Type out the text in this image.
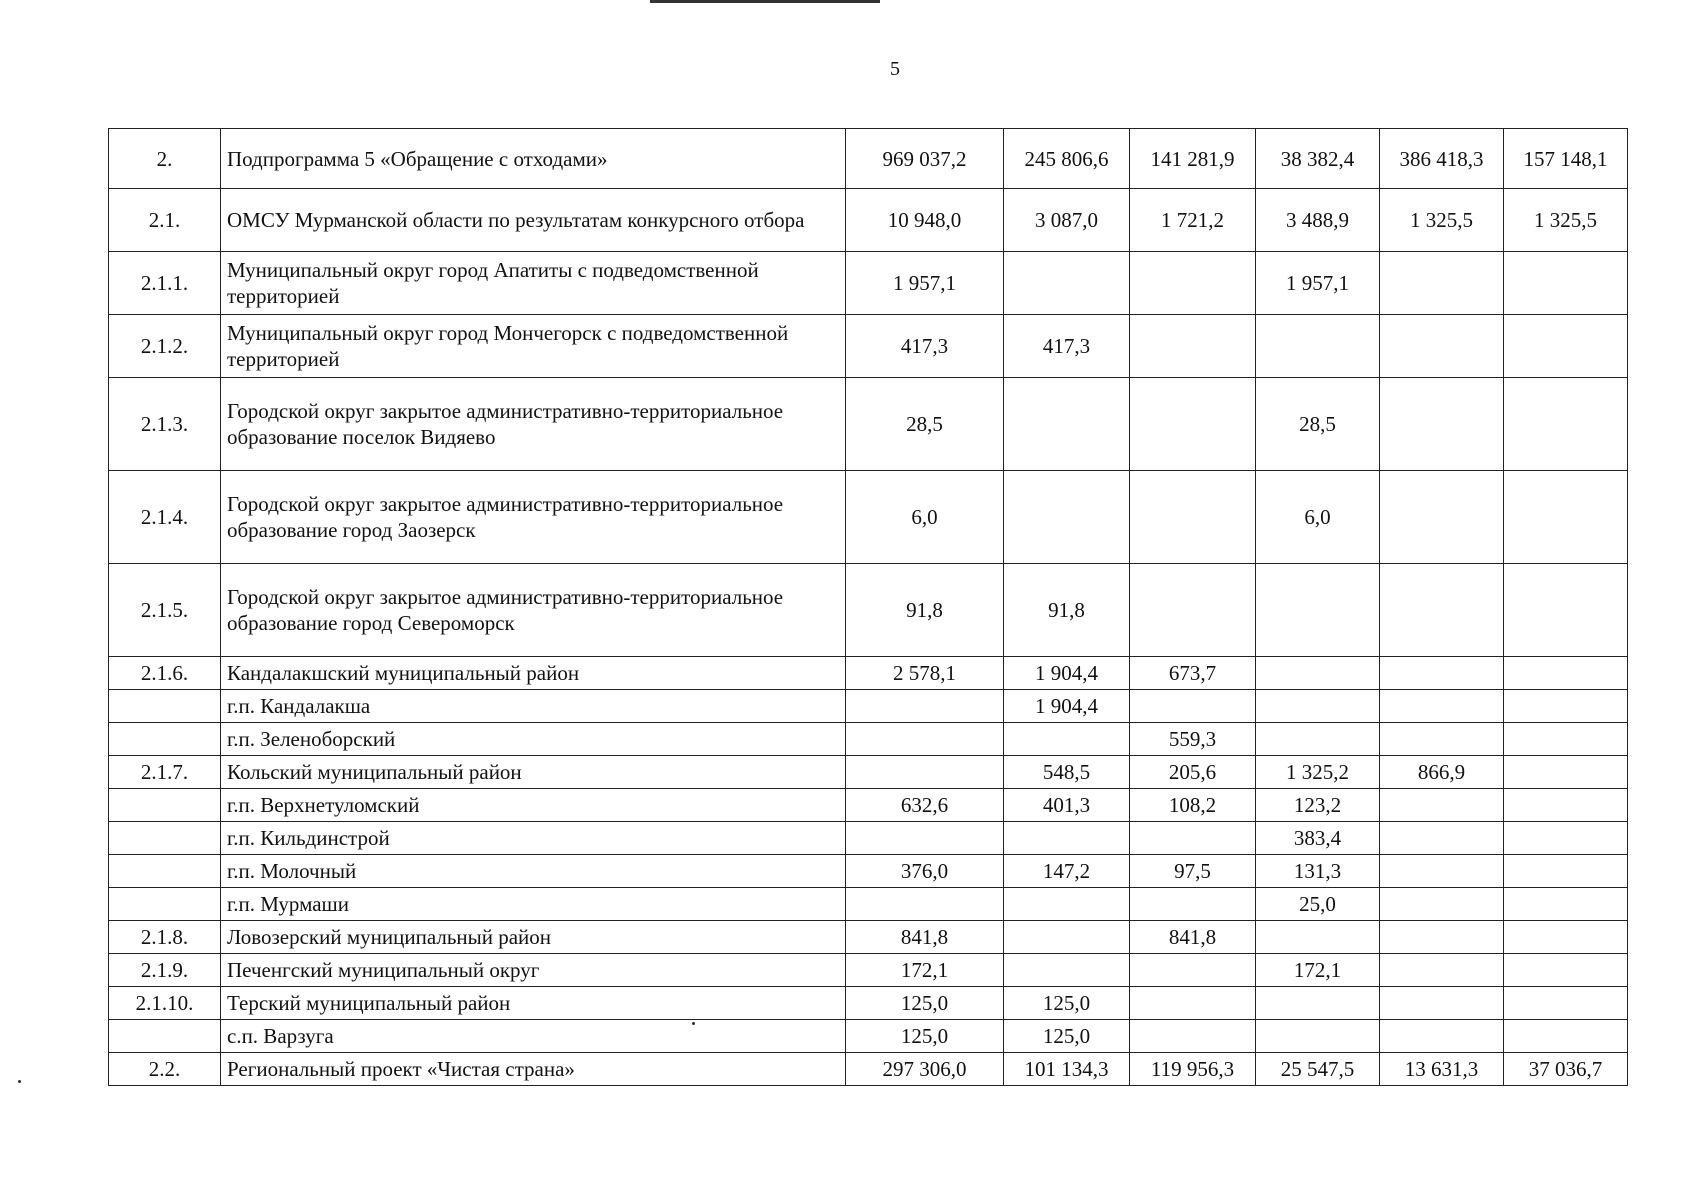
5
2.	Подпрограмма 5 «Обращение с отходами»	969 037,2	245 806,6	141 281,9	38 382,4	386 418,3	157 148,1
2.1.	ОМСУ Мурманской области по результатам конкурсного отбора	10 948,0	3 087,0	1 721,2	3 488,9	1 325,5	1 325,5
2.1.1.	Муниципальный округ город Апатиты с подведомственной территорией	1 957,1			1 957,1		
2.1.2.	Муниципальный округ город Мончегорск с подведомственной территорией	417,3	417,3				
2.1.3.	Городской округ закрытое административно-территориальное образование поселок Видяево	28,5			28,5		
2.1.4.	Городской округ закрытое административно-территориальное образование город Заозерск	6,0			6,0		
2.1.5.	Городской округ закрытое административно-территориальное образование город Североморск	91,8	91,8				
2.1.6.	Кандалакшский муниципальный район	2 578,1	1 904,4	673,7			
	г.п. Кандалакша		1 904,4				
	г.п. Зеленоборский			559,3			
2.1.7.	Кольский муниципальный район		548,5	205,6	1 325,2	866,9	
	г.п. Верхнетуломский	632,6	401,3	108,2	123,2		
	г.п. Кильдинстрой				383,4		
	г.п. Молочный	376,0	147,2	97,5	131,3		
	г.п. Мурмаши				25,0		
2.1.8.	Ловозерский муниципальный район	841,8		841,8			
2.1.9.	Печенгский муниципальный округ	172,1			172,1		
2.1.10.	Терский муниципальный район	125,0	125,0				
	с.п. Варзуга	125,0	125,0				
2.2.	Региональный проект «Чистая страна»	297 306,0	101 134,3	119 956,3	25 547,5	13 631,3	37 036,7
